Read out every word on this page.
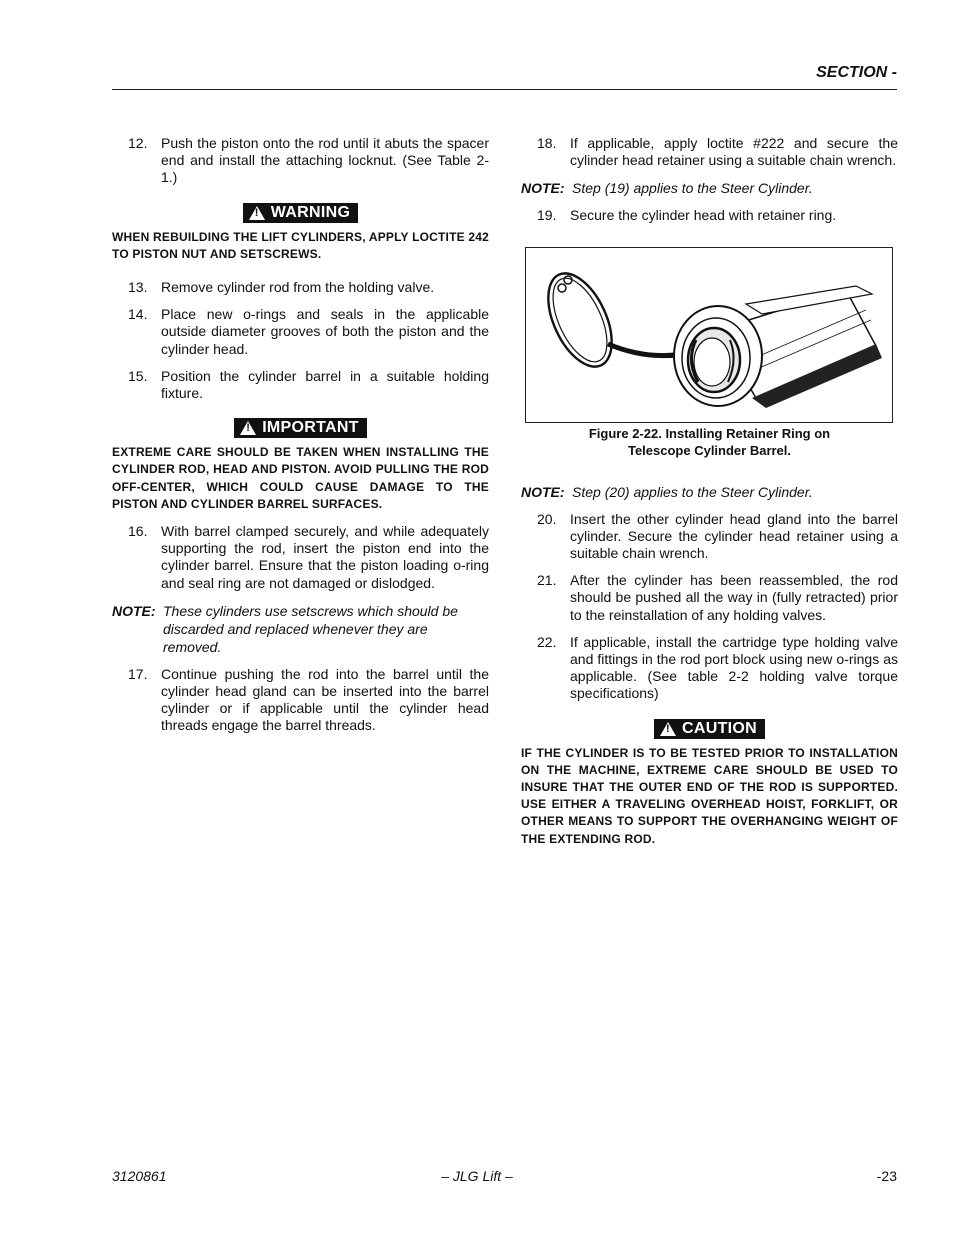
SECTION -
12. Push the piston onto the rod until it abuts the spacer end and install the attaching locknut. (See Table 2-1.)
!
WARNING
WHEN REBUILDING THE LIFT CYLINDERS, APPLY LOCTITE 242 TO PISTON NUT AND SETSCREWS.
13. Remove cylinder rod from the holding valve.
14. Place new o-rings and seals in the applicable outside diameter grooves of both the piston and the cylinder head.
15. Position the cylinder barrel in a suitable holding fixture.
!
IMPORTANT
EXTREME CARE SHOULD BE TAKEN WHEN INSTALLING THE CYLINDER ROD, HEAD AND PISTON. AVOID PULLING THE ROD OFF-CENTER, WHICH COULD CAUSE DAMAGE TO THE PISTON AND CYLINDER BARREL SURFACES.
16. With barrel clamped securely, and while adequately supporting the rod, insert the piston end into the cylinder barrel. Ensure that the piston loading o-ring and seal ring are not damaged or dislodged.
NOTE: These cylinders use setscrews which should be discarded and replaced whenever they are removed.
17. Continue pushing the rod into the barrel until the cylinder head gland can be inserted into the barrel cylinder or if applicable until the cylinder head threads engage the barrel threads.
18. If applicable, apply loctite #222 and secure the cylinder head retainer using a suitable chain wrench.
NOTE: Step (19) applies to the Steer Cylinder.
19. Secure the cylinder head with retainer ring.
Figure 2-22. Installing Retainer Ring on
Telescope Cylinder Barrel.
NOTE: Step (20) applies to the Steer Cylinder.
20. Insert the other cylinder head gland into the barrel cylinder. Secure the cylinder head retainer using a suitable chain wrench.
21. After the cylinder has been reassembled, the rod should be pushed all the way in (fully retracted) prior to the reinstallation of any holding valves.
22. If applicable, install the cartridge type holding valve and fittings in the rod port block using new o-rings as applicable. (See table 2-2 holding valve torque specifications)
!
CAUTION
IF THE CYLINDER IS TO BE TESTED PRIOR TO INSTALLATION ON THE MACHINE, EXTREME CARE SHOULD BE USED TO INSURE THAT THE OUTER END OF THE ROD IS SUPPORTED. USE EITHER A TRAVELING OVERHEAD HOIST, FORKLIFT, OR OTHER MEANS TO SUPPORT THE OVERHANGING WEIGHT OF THE EXTENDING ROD.
3120861	– JLG Lift –	-23
